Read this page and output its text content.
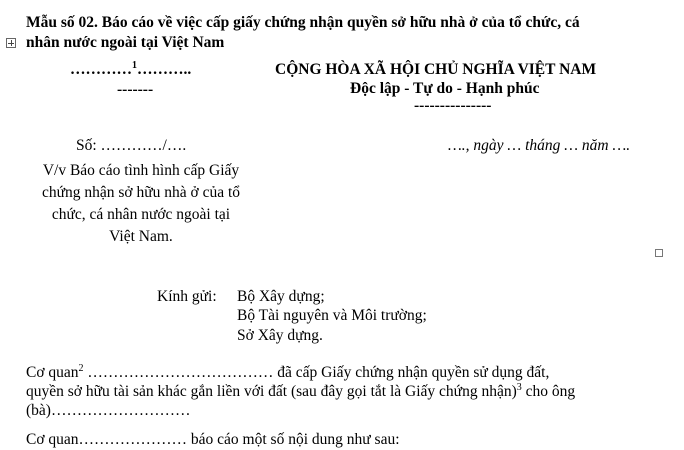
Mẫu số 02. Báo cáo về việc cấp giấy chứng nhận quyền sở hữu nhà ở của tổ chức, cá
nhân nước ngoài tại Việt Nam
…………$^1$………..
-------
CỘNG HÒA XÃ HỘI CHỦ NGHĨA VIỆT NAM
Độc lập - Tự do - Hạnh phúc
---------------
Số: …………/….	…., ngày … tháng … năm ….
V/v Báo cáo tình hình cấp Giấy
chứng nhận sở hữu nhà ở của tổ
chức, cá nhân nước ngoài tại
Việt Nam.
Kính gửi: Bộ Xây dựng;
Bộ Tài nguyên và Môi trường;
Sở Xây dựng.
Cơ quan$^2$ ……………………………… đã cấp Giấy chứng nhận quyền sử dụng đất,
quyền sở hữu tài sản khác gắn liền với đất (sau đây gọi tắt là Giấy chứng nhận)$^3$ cho ông
(bà)………………………
Cơ quan………………… báo cáo một số nội dung như sau:
